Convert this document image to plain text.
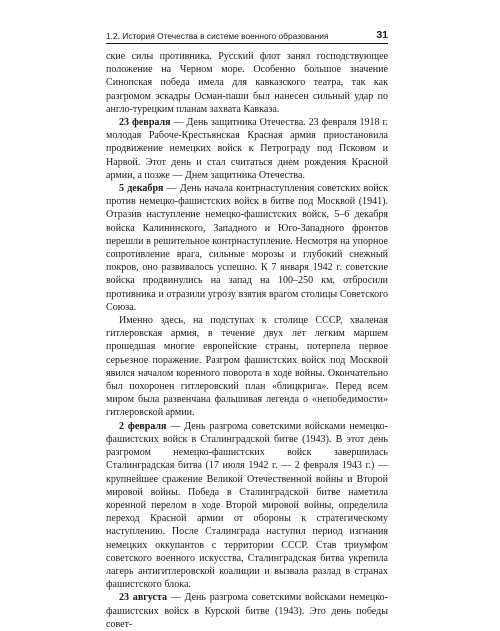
1.2. История Отечества в системе военного образования	31

ские силы противника. Русский флот занял господствующее положение на Черном море. Особенно большое значение Синопская победа имела для кавказского театра, так как разгромом эскадры Осман-паши был нанесен сильный удар по англо-турецким планам захвата Кавказа.

23 февраля — День защитника Отечества. 23 февраля 1918 г. молодая Рабоче-Крестьянская Красная армия приостановила продвижение немецких войск к Петрограду под Псковом и Нарвой. Этот день и стал считаться днем рождения Красной армии, а позже — Днем защитника Отечества.

5 декабря — День начала контрнаступления советских войск против немецко-фашистских войск в битве под Москвой (1941). Отразив наступление немецко-фашистских войск, 5–6 декабря войска Калининского, Западного и Юго-Западного фронтов перешли в решительное контрнаступление. Несмотря на упорное сопротивление врага, сильные морозы и глубокий снежный покров, оно развивалось успешно. К 7 января 1942 г. советские войска продвинулись на запад на 100–250 км, отбросили противника и отразили угрозу взятия врагом столицы Советского Союза.

Именно здесь, на подступах к столице СССР, хваленая гитлеровская армия, в течение двух лет легким маршем прошедшая многие европейские страны, потерпела первое серьезное поражение. Разгром фашистских войск под Москвой явился началом коренного поворота в ходе войны. Окончательно был похоронен гитлеровский план «блицкрига». Перед всем миром была развенчана фальшивая легенда о «непобедимости» гитлеровской армии.

2 февраля — День разгрома советскими войсками немецко-фашистских войск в Сталинградской битве (1943). В этот день разгромом немецко-фашистских войск завершилась Сталинградская битва (17 июля 1942 г. — 2 февраля 1943 г.) — крупнейшее сражение Великой Отечественной войны и Второй мировой войны. Победа в Сталинградской битве наметила коренной перелом в ходе Второй мировой войны, определила переход Красной армии от обороны к стратегическому наступлению. После Сталинграда наступил период изгнания немецких оккупантов с территории СССР. Став триумфом советского военного искусства, Сталинградская битва укрепила лагерь антигитлеровской коалиции и вызвала разлад в странах фашистского блока.

23 августа — День разгрома советскими войсками немецко-фашистских войск в Курской битве (1943). Это день победы совет-
